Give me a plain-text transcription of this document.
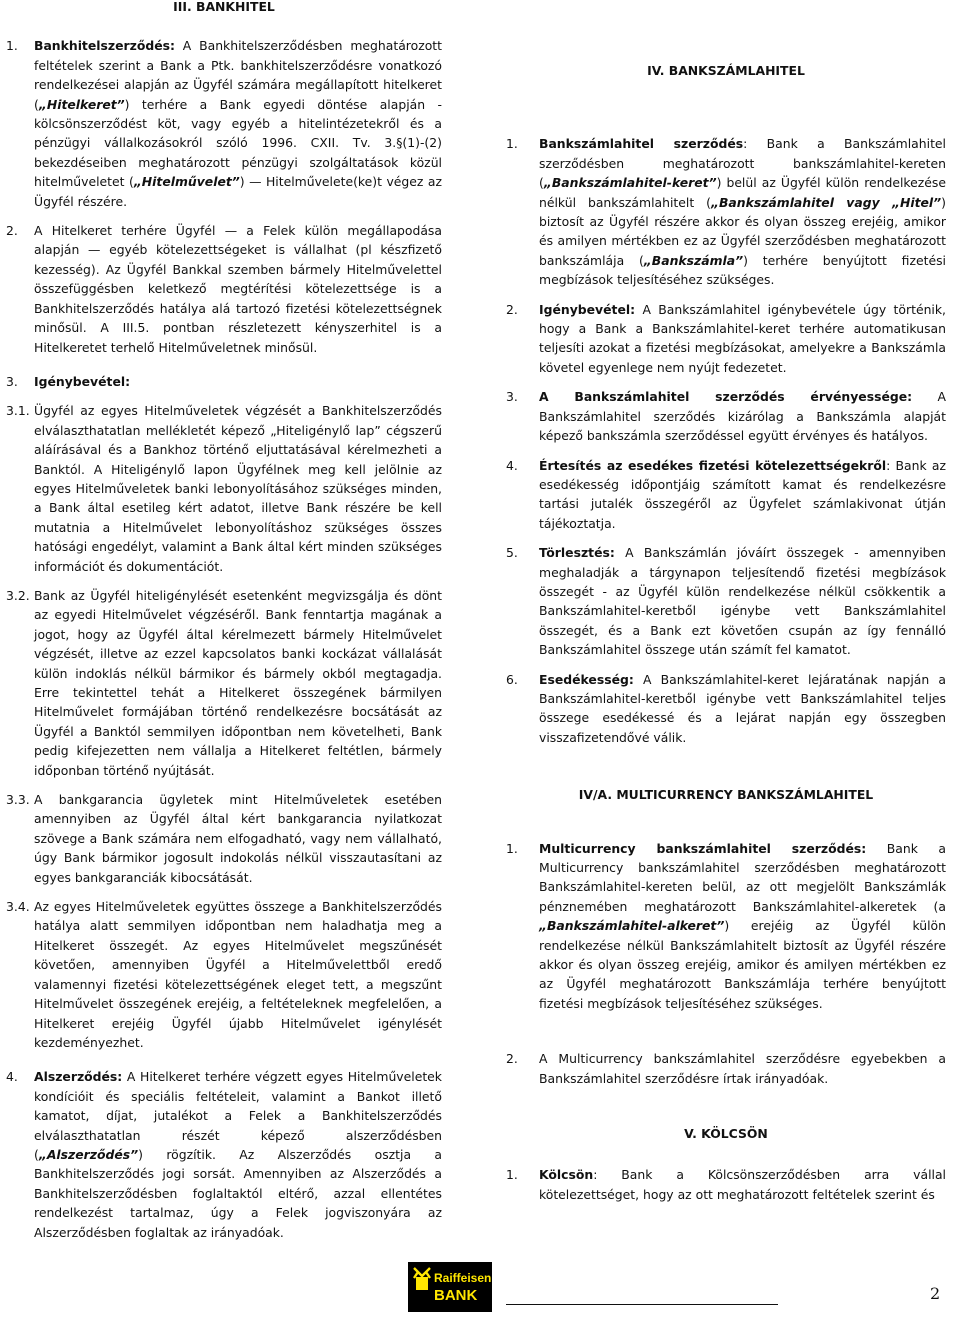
III. BANKHITEL

1.	Bankhitelszerződés: A Bankhitelszerződésben meghatározott feltételek szerint a Bank a Ptk. bankhitelszerződésre vonatkozó rendelkezései alapján az Ügyfél számára megállapított hitelkeret („Hitelkeret”) terhére a Bank egyedi döntése alapján - kölcsönszerződést köt, vagy egyéb a hitelintézetekről és a pénzügyi vállalkozásokról szóló 1996. CXII. Tv. 3.§(1)-(2) bekezdéseiben meghatározott pénzügyi szolgáltatások közül hitelműveletet („Hitelművelet”) — Hitelművelete(ke)t végez az Ügyfél részére.
2.	A Hitelkeret terhére Ügyfél — a Felek külön megállapodása alapján — egyéb kötelezettségeket is vállalhat (pl készfizető kezesség). Az Ügyfél Bankkal szemben bármely Hitelművelettel összefüggésben keletkező megtérítési kötelezettsége is a Bankhitelszerződés hatálya alá tartozó fizetési kötelezettségnek minősül. A III.5. pontban részletezett kényszerhitel is a Hitelkeretet terhelő Hitelműveletnek minősül.
3.	Igénybevétel:
3.1. Ügyfél az egyes Hitelműveletek végzését a Bankhitelszerződés elválaszthatatlan mellékletét képező „Hiteligénylő lap” cégszerű aláírásával és a Bankhoz történő eljuttatásával kérelmezheti a Banktól. A Hiteligénylő lapon Ügyfélnek meg kell jelölnie az egyes Hitelműveletek banki lebonyolításához szükséges minden, a Bank által esetileg kért adatot, illetve Bank részére be kell mutatnia a Hitelművelet lebonyolításhoz szükséges összes hatósági engedélyt, valamint a Bank által kért minden szükséges információt és dokumentációt.
3.2. Bank az Ügyfél hiteligénylését esetenként megvizsgálja és dönt az egyedi Hitelművelet végzéséről. Bank fenntartja magának a jogot, hogy az Ügyfél által kérelmezett bármely Hitelművelet végzését, illetve az ezzel kapcsolatos banki kockázat vállalását külön indoklás nélkül bármikor és bármely okból megtagadja. Erre tekintettel tehát a Hitelkeret összegének bármilyen Hitelművelet formájában történő rendelkezésre bocsátását az Ügyfél a Banktól semmilyen időpontban nem követelheti, Bank pedig kifejezetten nem vállalja a Hitelkeret feltétlen, bármely időponban történő nyújtását.
3.3. A bankgarancia ügyletek mint Hitelműveletek esetében amennyiben az Ügyfél által kért bankgarancia nyilatkozat szövege a Bank számára nem elfogadható, vagy nem vállalható, úgy Bank bármikor jogosult indokolás nélkül visszautasítani az egyes bankgaranciák kibocsátását.
3.4. Az egyes Hitelműveletek együttes összege a Bankhitelszerződés hatálya alatt semmilyen időpontban nem haladhatja meg a Hitelkeret összegét. Az egyes Hitelművelet megszűnését követően, amennyiben Ügyfél a Hitelművelettből eredő valamennyi fizetési kötelezettségének eleget tett, a megszűnt Hitelművelet összegének erejéig, a feltételeknek megfelelően, a Hitelkeret erejéig Ügyfél újabb Hitelművelet igénylését kezdeményezhet.
4.	Alszerződés: A Hitelkeret terhére végzett egyes Hitelműveletek kondícióit és speciális feltételeit, valamint a Bankot illető kamatot, díjat, jutalékot a Felek a Bankhitelszerződés elválaszthatatlan részét képező alszerződésben („Alszerződés”) rögzítik. Az Alszerződés osztja a Bankhitelszerződés jogi sorsát. Amennyiben az Alszerződés a Bankhitelszerződésben foglaltaktól eltérő, azzal ellentétes rendelkezést tartalmaz, úgy a Felek jogviszonyára az Alszerződésben foglaltak az irányadóak.

IV. BANKSZÁMLAHITEL

1.	Bankszámlahitel szerződés: Bank a Bankszámlahitel szerződésben meghatározott bankszámlahitel-kereten („Bankszámlahitel-keret”) belül az Ügyfél külön rendelkezése nélkül bankszámlahitelt („Bankszámlahitel vagy „Hitel”) biztosít az Ügyfél részére akkor és olyan összeg erejéig, amikor és amilyen mértékben ez az Ügyfél szerződésben meghatározott bankszámlája („Bankszámla”) terhére benyújtott fizetési megbízások teljesítéséhez szükséges.
2.	Igénybevétel: A Bankszámlahitel igénybevétele úgy történik, hogy a Bank a Bankszámlahitel-keret terhére automatikusan teljesíti azokat a fizetési megbízásokat, amelyekre a Bankszámla követel egyenlege nem nyújt fedezetet.
3.	A Bankszámlahitel szerződés érvényessége: A Bankszámlahitel szerződés kizárólag a Bankszámla alapját képező bankszámla szerződéssel együtt érvényes és hatályos.
4.	Értesítés az esedékes fizetési kötelezettségekről: Bank az esedékesség időpontjáig számított kamat és rendelkezésre tartási jutalék összegéről az Ügyfelet számlakivonat útján tájékoztatja.
5.	Törlesztés: A Bankszámlán jóváírt összegek - amennyiben meghaladják a tárgynapon teljesítendő fizetési megbízások összegét - az Ügyfél külön rendelkezése nélkül csökkentik a Bankszámlahitel-keretből igénybe vett Bankszámlahitel összegét, és a Bank ezt követően csupán az így fennálló Bankszámlahitel összege után számít fel kamatot.
6.	Esedékesség: A Bankszámlahitel-keret lejáratának napján a Bankszámlahitel-keretből igénybe vett Bankszámlahitel teljes összege esedékessé és a lejárat napján egy összegben visszafizetendővé válik.

IV/A. MULTICURRENCY BANKSZÁMLAHITEL

1.	Multicurrency bankszámlahitel szerződés: Bank a Multicurrency bankszámlahitel szerződésben meghatározott Bankszámlahitel-kereten belül, az ott megjelölt Bankszámlák pénznemében meghatározott Bankszámlahitel-alkeretek (a „Bankszámlahitel-alkeret”) erejéig az Ügyfél külön rendelkezése nélkül Bankszámlahitelt biztosít az Ügyfél részére akkor és olyan összeg erejéig, amikor és amilyen mértékben ez az Ügyfél meghatározott Bankszámlája terhére benyújtott fizetési megbízások teljesítéséhez szükséges.
2.	A Multicurrency bankszámlahitel szerződésre egyebekben a Bankszámlahitel szerződésre írtak irányadóak.

V. KÖLCSÖN

1.	Kölcsön: Bank a Kölcsönszerződésben arra vállal kötelezettséget, hogy az ott meghatározott feltételek szerint és
Raiffeisen
BANK	2
